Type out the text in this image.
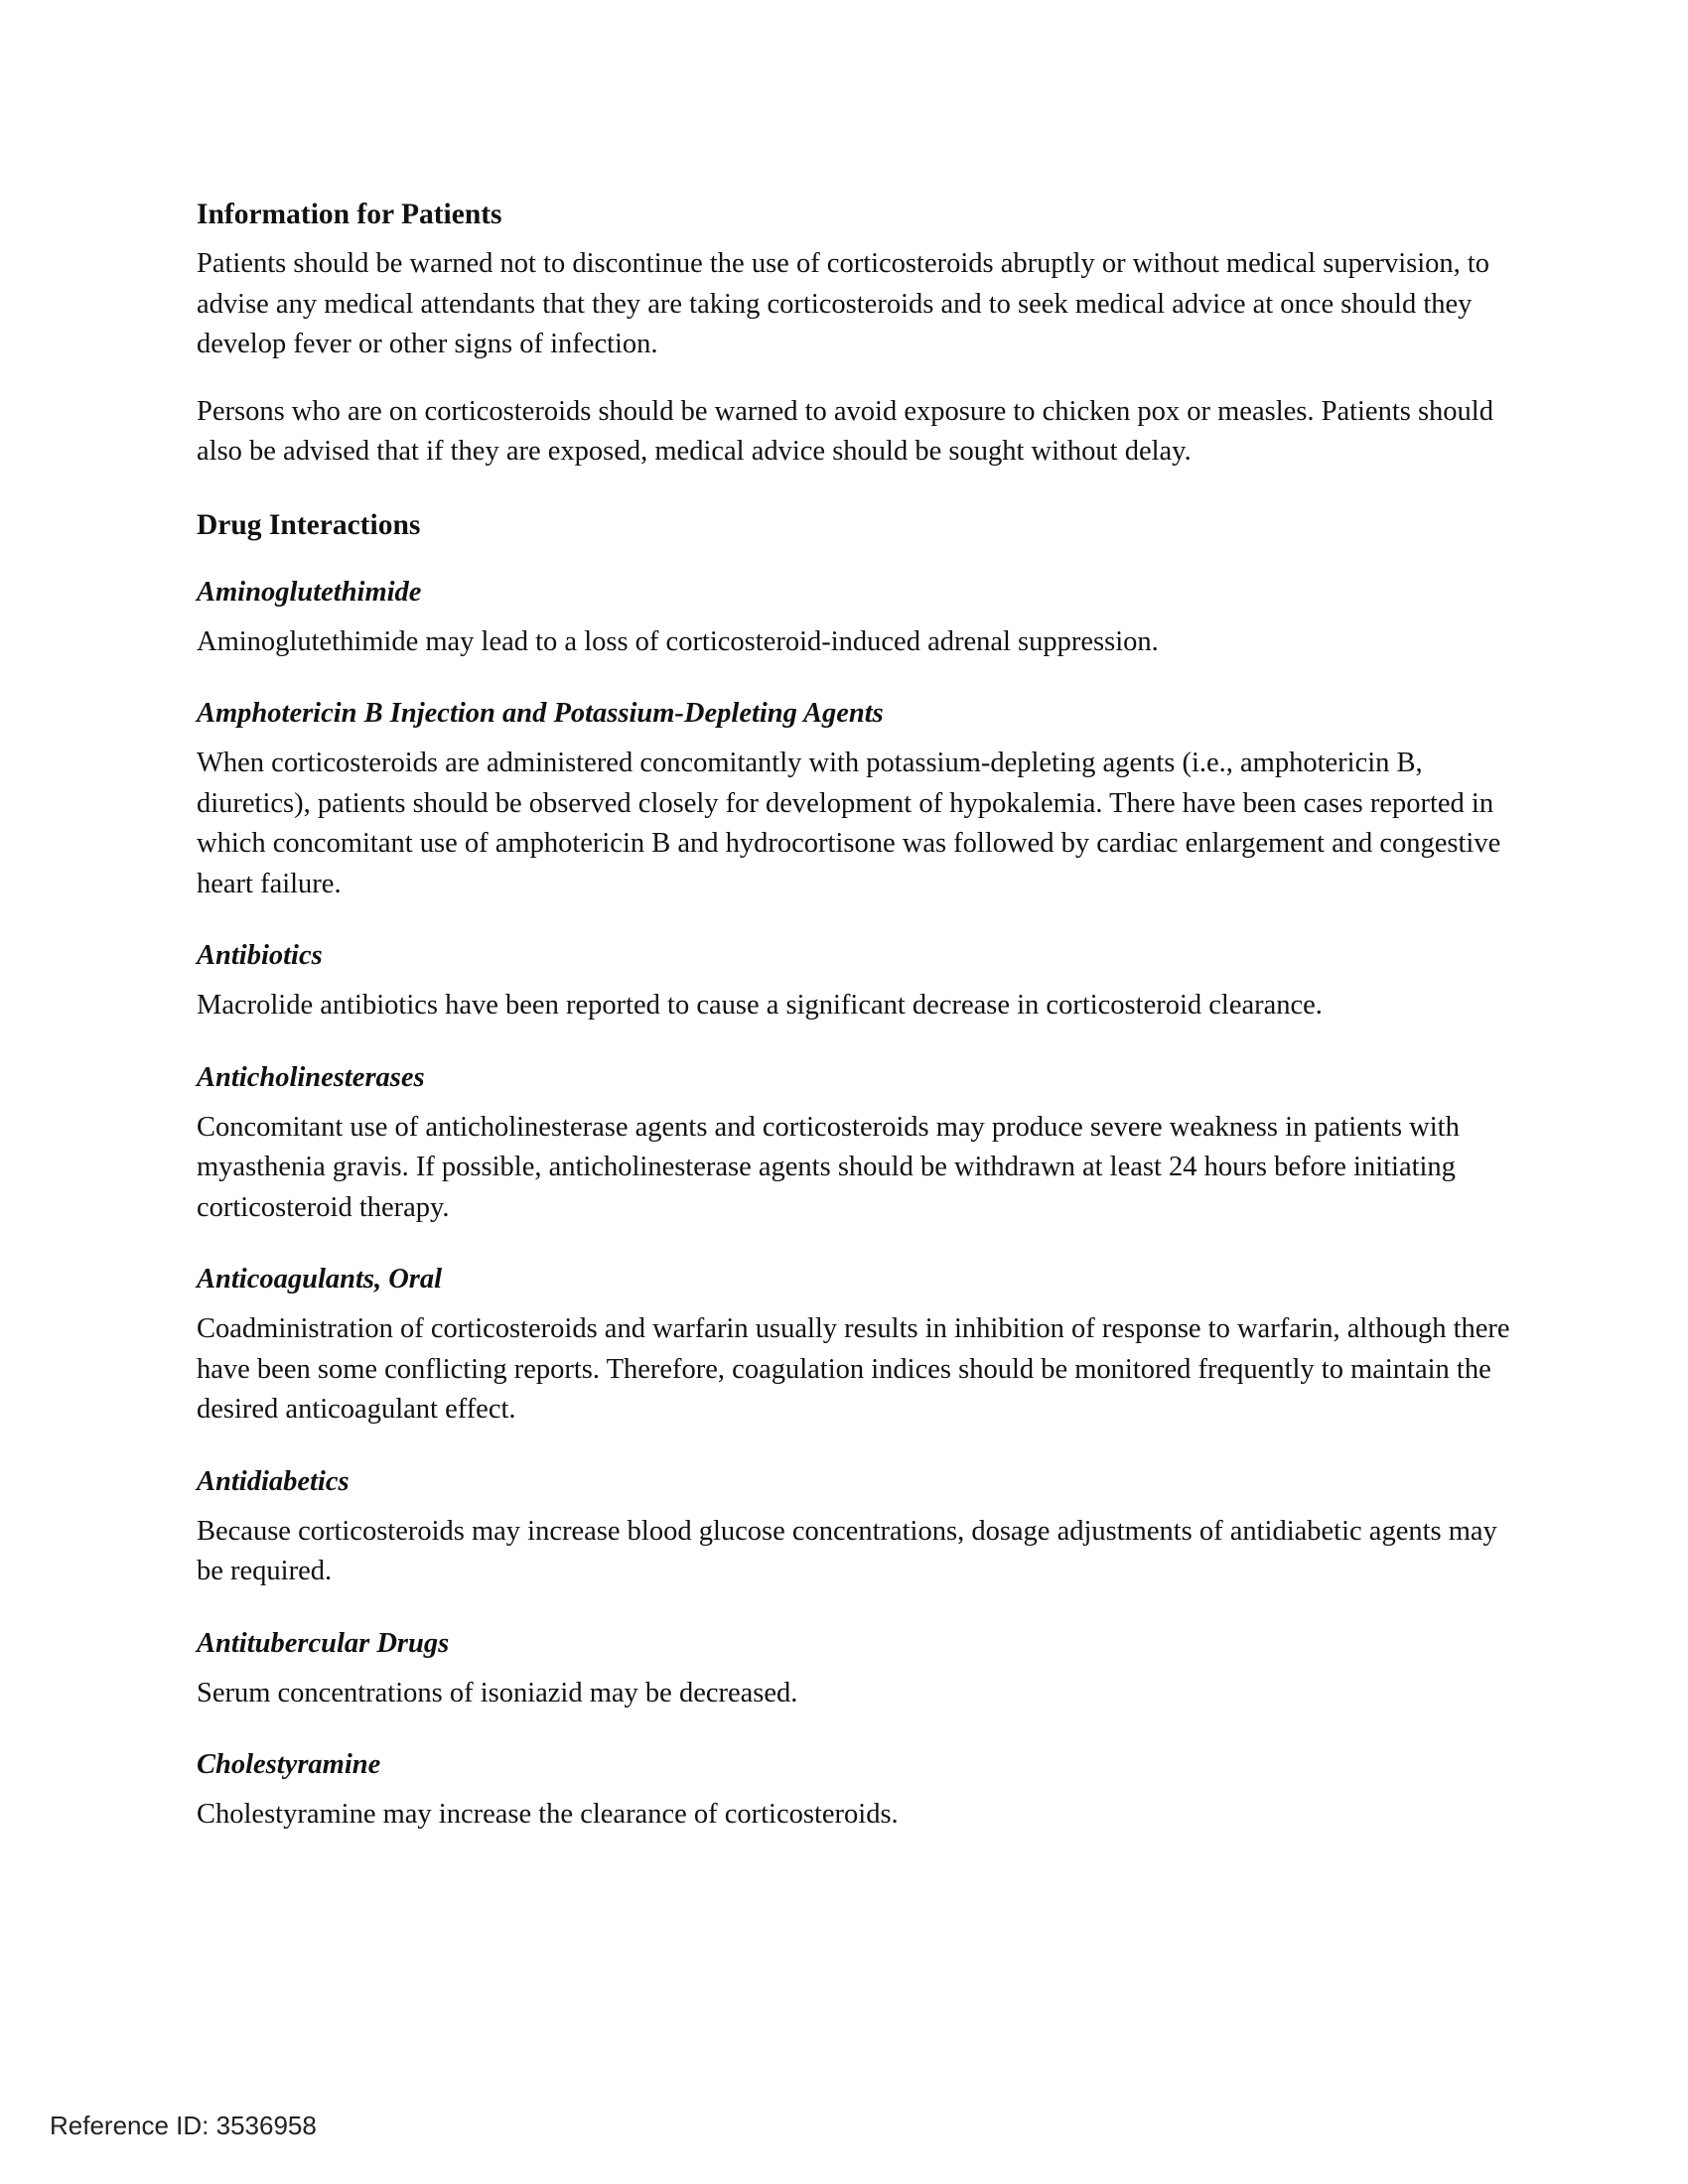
Information for Patients

Patients should be warned not to discontinue the use of corticosteroids abruptly or without medical supervision, to advise any medical attendants that they are taking corticosteroids and to seek medical advice at once should they develop fever or other signs of infection.

Persons who are on corticosteroids should be warned to avoid exposure to chicken pox or measles. Patients should also be advised that if they are exposed, medical advice should be sought without delay.

Drug Interactions
Aminoglutethimide

Aminoglutethimide may lead to a loss of corticosteroid-induced adrenal suppression.

Amphotericin B Injection and Potassium-Depleting Agents

When corticosteroids are administered concomitantly with potassium-depleting agents (i.e., amphotericin B, diuretics), patients should be observed closely for development of hypokalemia. There have been cases reported in which concomitant use of amphotericin B and hydrocortisone was followed by cardiac enlargement and congestive heart failure.

Antibiotics

Macrolide antibiotics have been reported to cause a significant decrease in corticosteroid clearance.

Anticholinesterases

Concomitant use of anticholinesterase agents and corticosteroids may produce severe weakness in patients with myasthenia gravis. If possible, anticholinesterase agents should be withdrawn at least 24 hours before initiating corticosteroid therapy.

Anticoagulants, Oral

Coadministration of corticosteroids and warfarin usually results in inhibition of response to warfarin, although there have been some conflicting reports. Therefore, coagulation indices should be monitored frequently to maintain the desired anticoagulant effect.

Antidiabetics

Because corticosteroids may increase blood glucose concentrations, dosage adjustments of antidiabetic agents may be required.

Antitubercular Drugs

Serum concentrations of isoniazid may be decreased.

Cholestyramine

Cholestyramine may increase the clearance of corticosteroids.

Reference ID: 3536958
